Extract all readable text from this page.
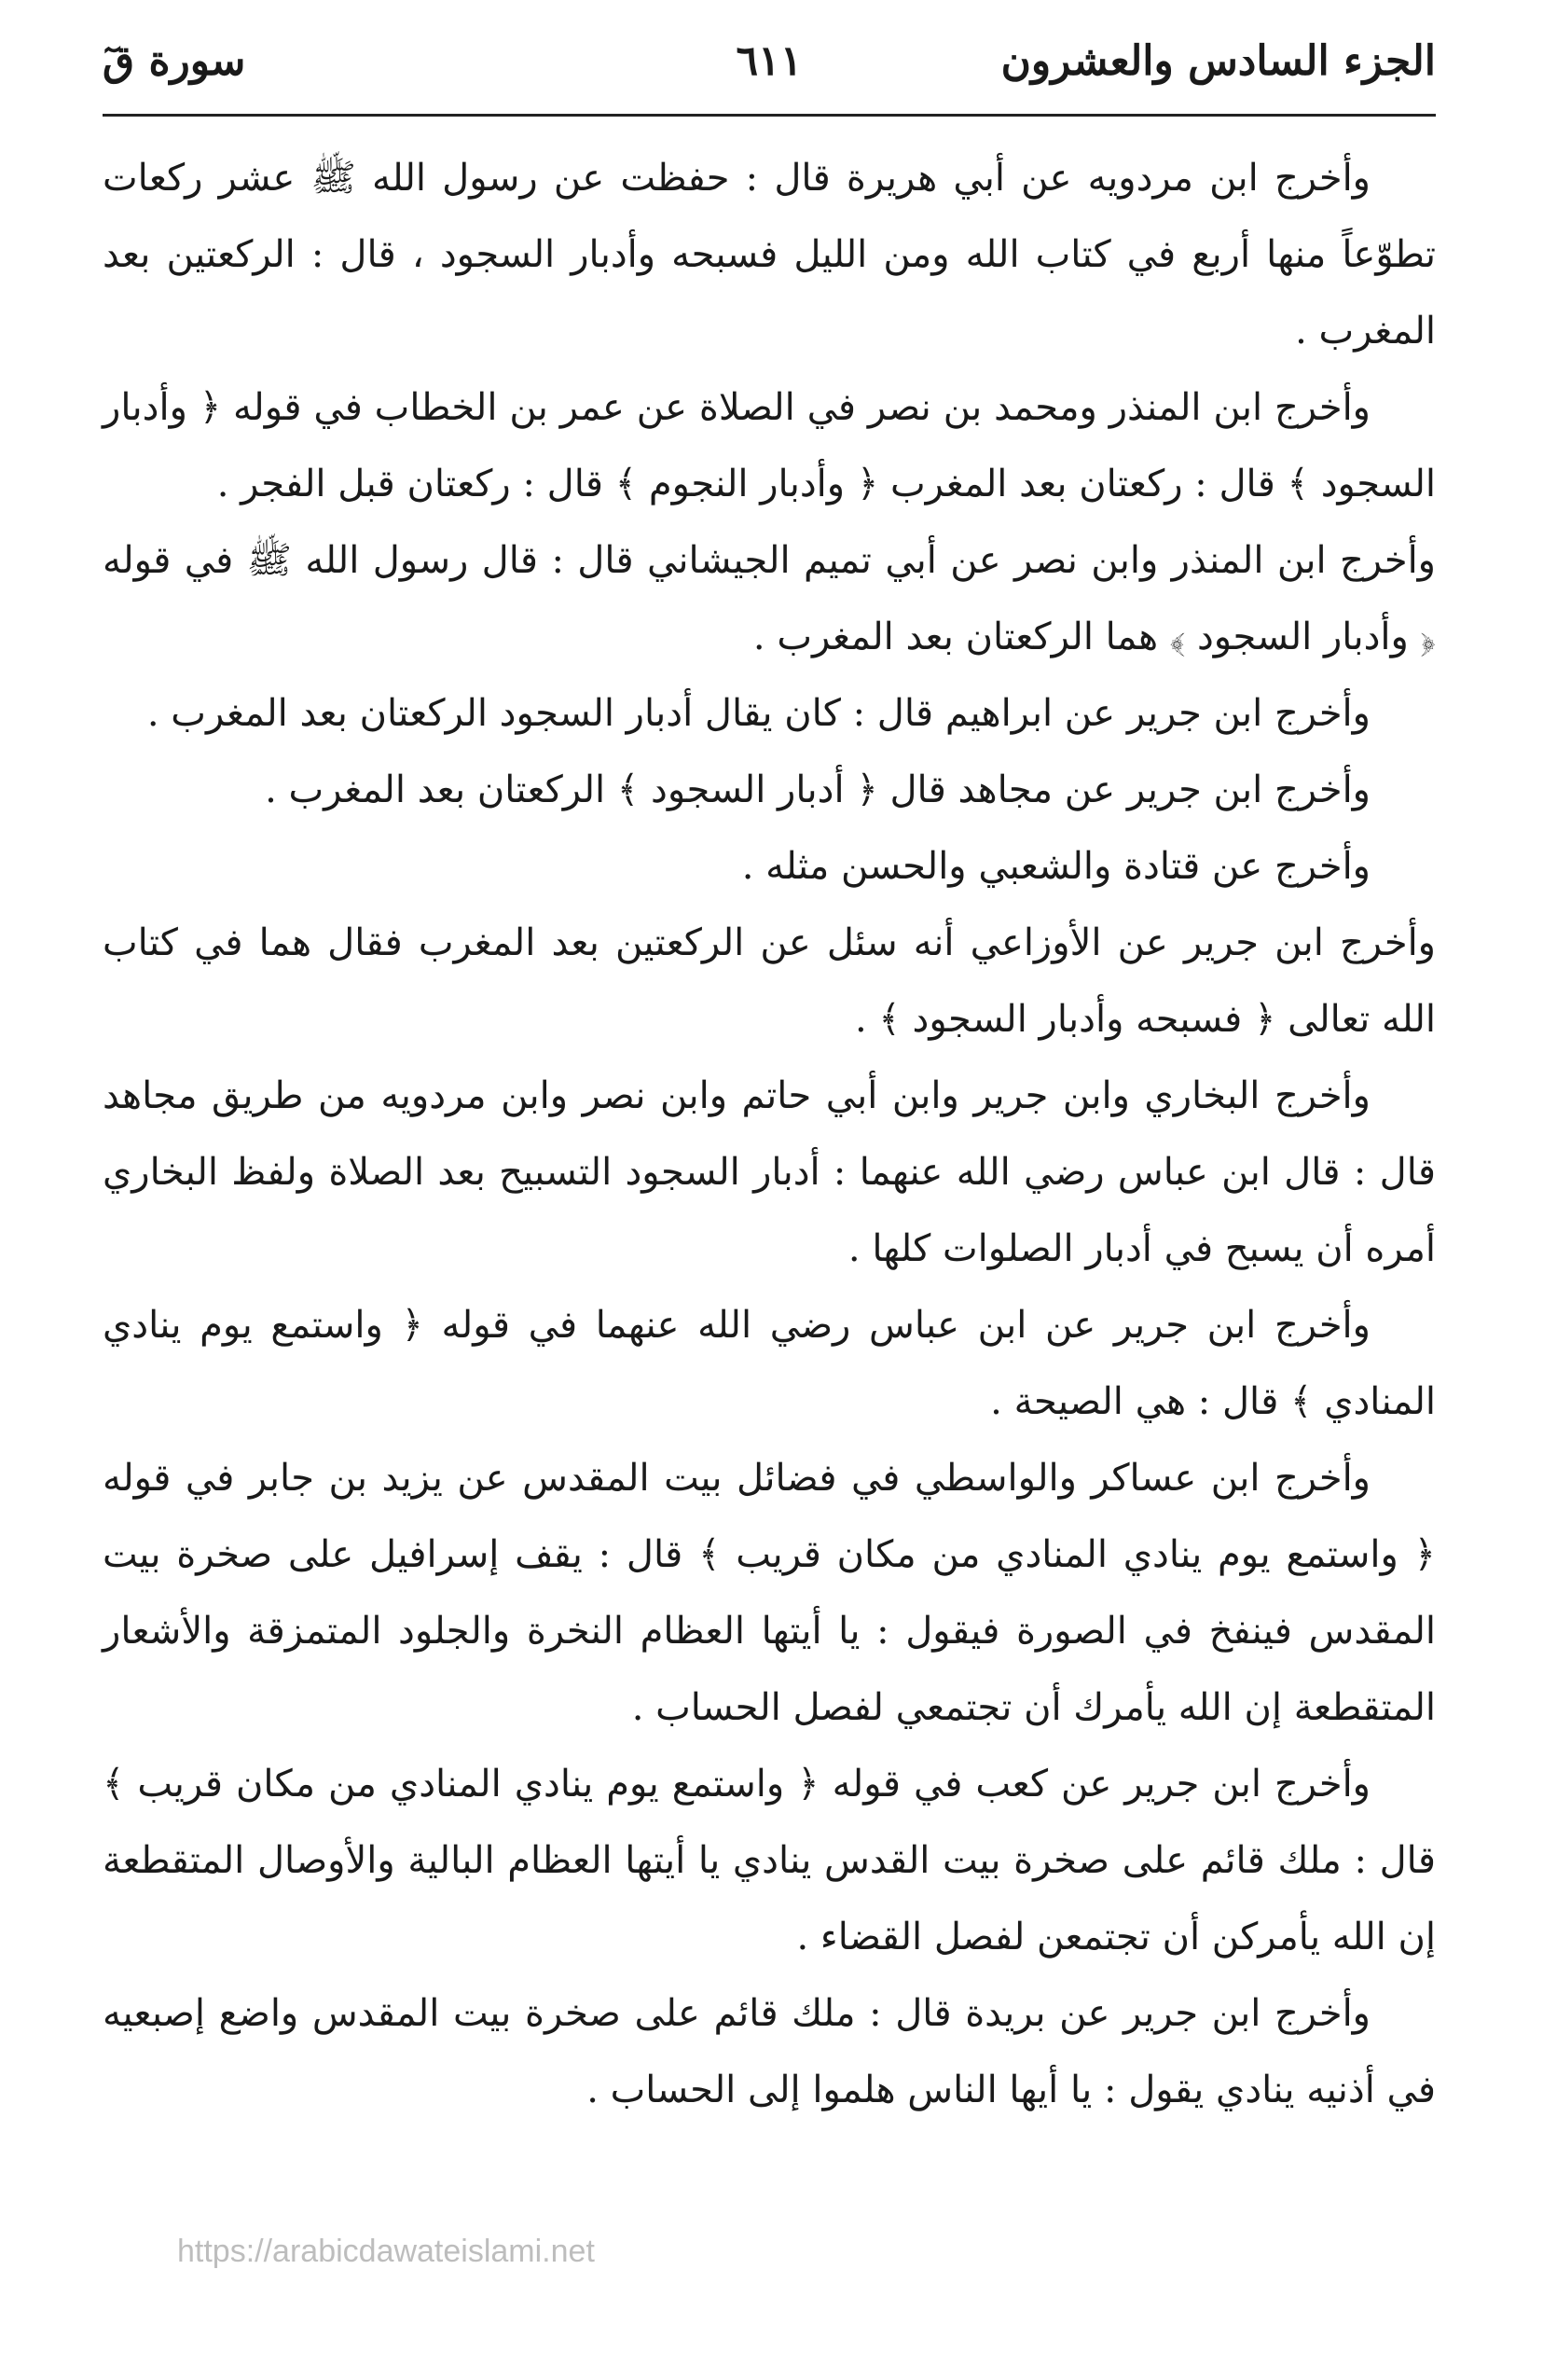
الجزء السادس والعشرون
٦١١
سورة قٓ

وأخرج ابن مردويه عن أبي هريرة قال : حفظت عن رسول الله ﷺ عشر ركعات تطوّعاً منها أربع في كتاب الله ومن الليل فسبحه وأدبار السجود ، قال : الركعتين بعد المغرب .

وأخرج ابن المنذر ومحمد بن نصر في الصلاة عن عمر بن الخطاب في قوله ﴿ وأدبار السجود ﴾ قال : ركعتان بعد المغرب ﴿ وأدبار النجوم ﴾ قال : ركعتان قبل الفجر .

وأخرج ابن المنذر وابن نصر عن أبي تميم الجيشاني قال : قال رسول الله ﷺ في قوله ﴿ وأدبار السجود ﴾ هما الركعتان بعد المغرب .

وأخرج ابن جرير عن ابراهيم قال : كان يقال أدبار السجود الركعتان بعد المغرب .

وأخرج ابن جرير عن مجاهد قال ﴿ أدبار السجود ﴾ الركعتان بعد المغرب .

وأخرج عن قتادة والشعبي والحسن مثله .

وأخرج ابن جرير عن الأوزاعي أنه سئل عن الركعتين بعد المغرب فقال هما في كتاب الله تعالى ﴿ فسبحه وأدبار السجود ﴾ .

وأخرج البخاري وابن جرير وابن أبي حاتم وابن نصر وابن مردويه من طريق مجاهد قال : قال ابن عباس رضي الله عنهما : أدبار السجود التسبيح بعد الصلاة ولفظ البخاري أمره أن يسبح في أدبار الصلوات كلها .

وأخرج ابن جرير عن ابن عباس رضي الله عنهما في قوله ﴿ واستمع يوم ينادي المنادي ﴾ قال : هي الصيحة .

وأخرج ابن عساكر والواسطي في فضائل بيت المقدس عن يزيد بن جابر في قوله ﴿ واستمع يوم ينادي المنادي من مكان قريب ﴾ قال : يقف إسرافيل على صخرة بيت المقدس فينفخ في الصورة فيقول : يا أيتها العظام النخرة والجلود المتمزقة والأشعار المتقطعة إن الله يأمرك أن تجتمعي لفصل الحساب .

وأخرج ابن جرير عن كعب في قوله ﴿ واستمع يوم ينادي المنادي من مكان قريب ﴾ قال : ملك قائم على صخرة بيت القدس ينادي يا أيتها العظام البالية والأوصال المتقطعة إن الله يأمركن أن تجتمعن لفصل القضاء .

وأخرج ابن جرير عن بريدة قال : ملك قائم على صخرة بيت المقدس واضع إصبعيه في أذنيه ينادي يقول : يا أيها الناس هلموا إلى الحساب .

https://arabicdawateislami.net
